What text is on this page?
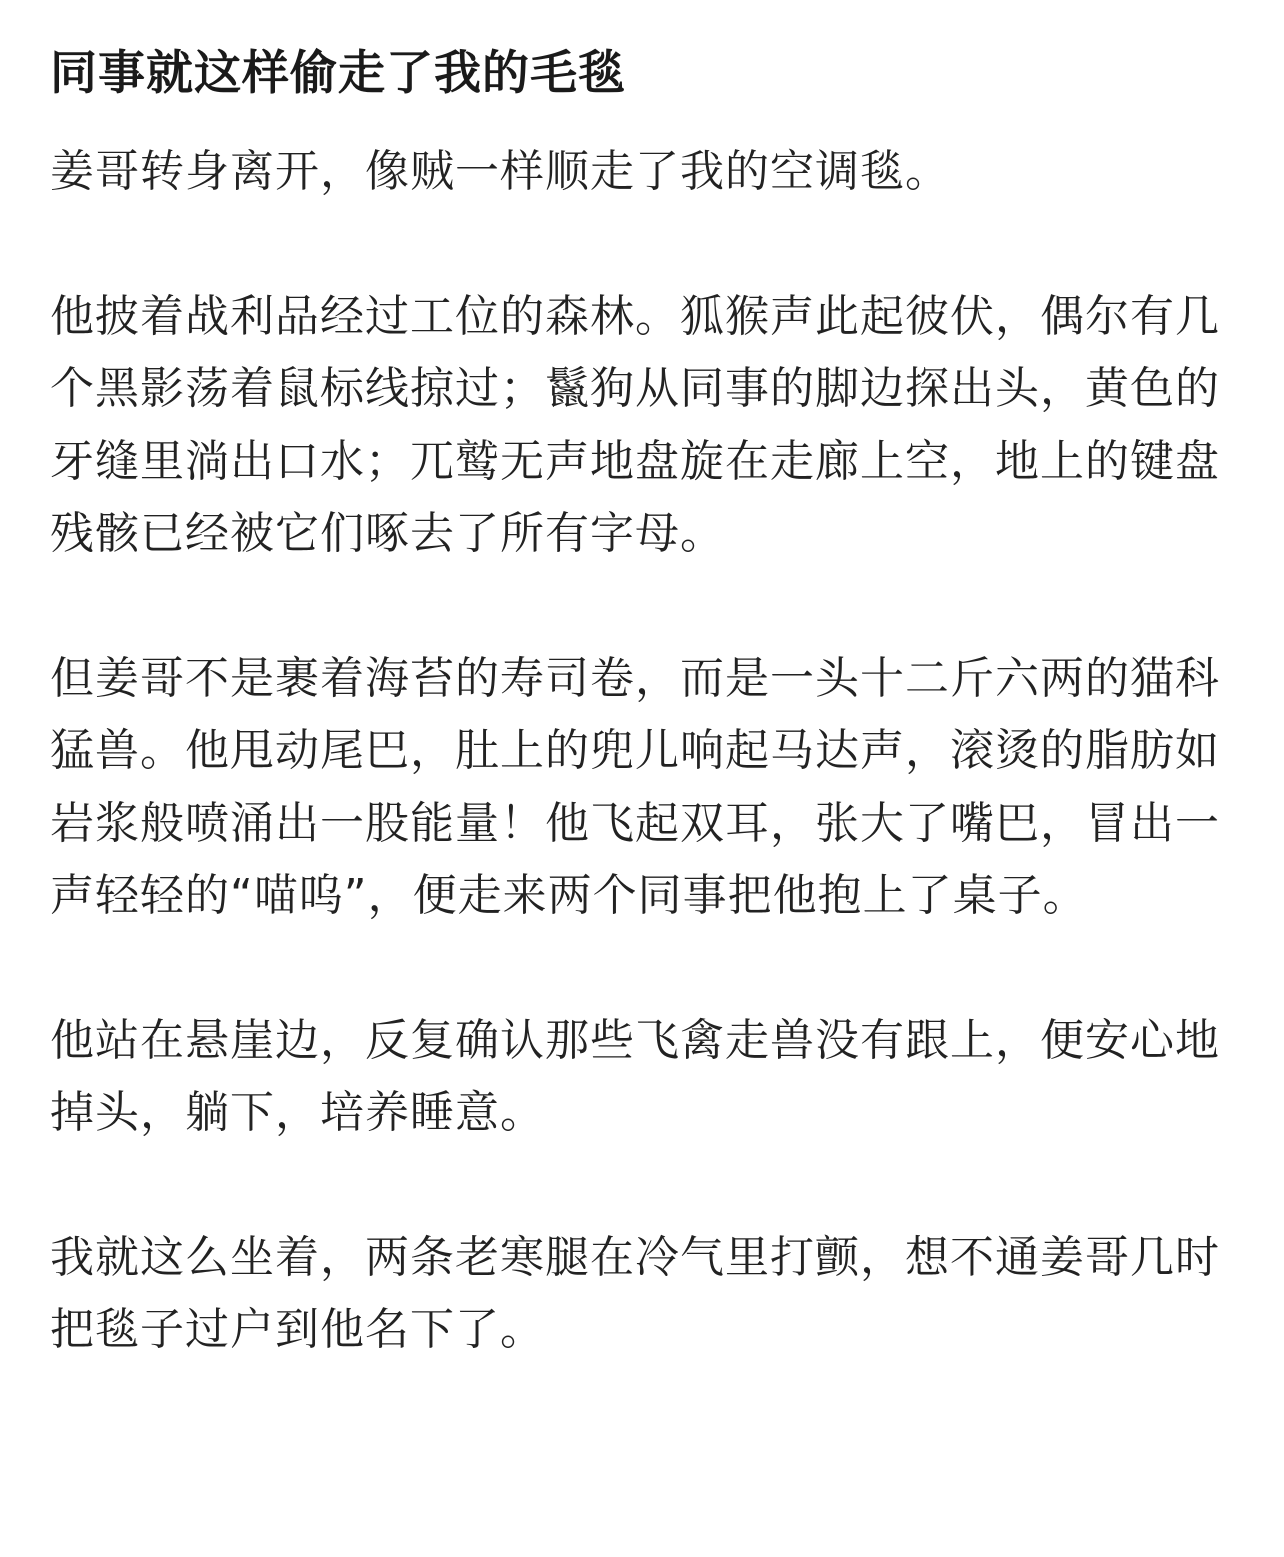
同事就这样偷走了我的毛毯

姜哥转身离开，像贼一样顺走了我的空调毯。

他披着战利品经过工位的森林。狐猴声此起彼伏，偶尔有几个黑影荡着鼠标线掠过；鬣狗从同事的脚边探出头，黄色的牙缝里淌出口水；兀鹫无声地盘旋在走廊上空，地上的键盘残骸已经被它们啄去了所有字母。

但姜哥不是裹着海苔的寿司卷，而是一头十二斤六两的猫科猛兽。他甩动尾巴，肚上的兜儿响起马达声，滚烫的脂肪如岩浆般喷涌出一股能量！他飞起双耳，张大了嘴巴，冒出一声轻轻的“喵呜”，便走来两个同事把他抱上了桌子。

他站在悬崖边，反复确认那些飞禽走兽没有跟上，便安心地掉头，躺下，培养睡意。

我就这么坐着，两条老寒腿在冷气里打颤，想不通姜哥几时把毯子过户到他名下了。
